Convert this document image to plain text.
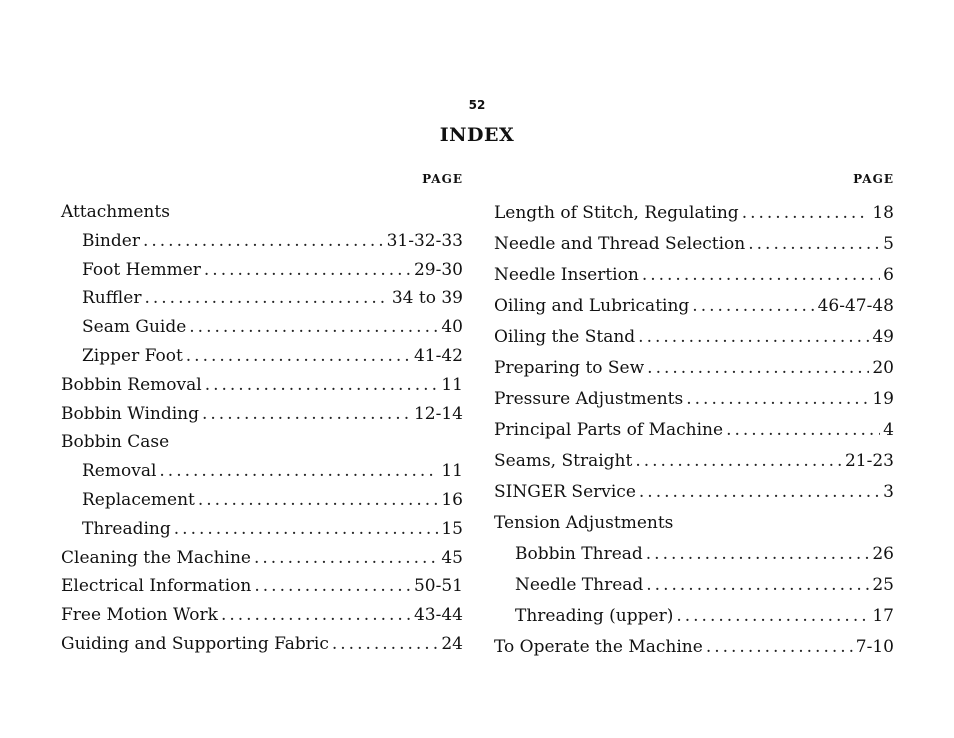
52
INDEX
PAGE
Attachments
Binder .....	31-32-33
Foot Hemmer .....	29-30
Ruffler .....	34 to 39
Seam Guide .....	40
Zipper Foot .....	41-42
Bobbin Removal .....	11
Bobbin Winding .....	12-14
Bobbin Case
Removal .....	11
Replacement .....	16
Threading .....	15
Cleaning the Machine .....	45
Electrical Information .....	50-51
Free Motion Work .....	43-44
Guiding and Supporting Fabric .....	24
PAGE
Length of Stitch, Regulating .....	18
Needle and Thread Selection .....	5
Needle Insertion .....	6
Oiling and Lubricating .....	46-47-48
Oiling the Stand .....	49
Preparing to Sew .....	20
Pressure Adjustments .....	19
Principal Parts of Machine .....	4
Seams, Straight .....	21-23
SINGER Service .....	3
Tension Adjustments
Bobbin Thread .....	26
Needle Thread .....	25
Threading (upper) .....	17
To Operate the Machine .....	7-10
